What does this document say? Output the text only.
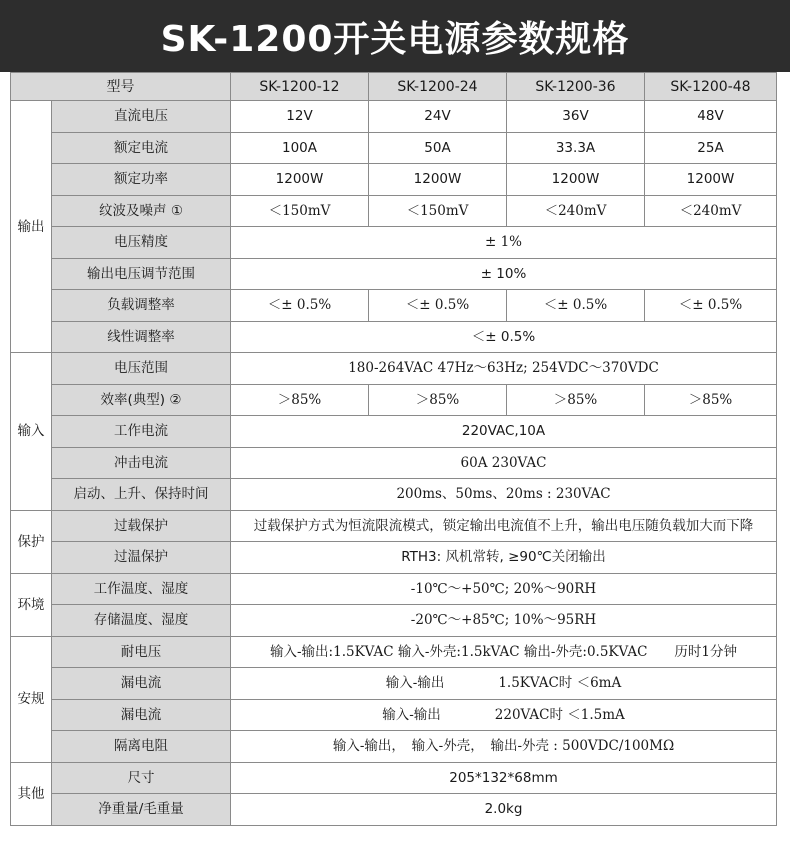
SK-1200开关电源参数规格
型号		SK-1200-12	SK-1200-24	SK-1200-36	SK-1200-48
输出	直流电压	12V	24V	36V	48V
	额定电流	100A	50A	33.3A	25A
	额定功率	1200W	1200W	1200W	1200W
	纹波及噪声 ①	＜150mV	＜150mV	＜240mV	＜240mV
	电压精度	± 1%			
	输出电压调节范围	± 10%			
	负载调整率	＜± 0.5%	＜± 0.5%	＜± 0.5%	＜± 0.5%
	线性调整率	＜± 0.5%			
输入	电压范围	180-264VAC 47Hz～63Hz; 254VDC～370VDC			
	效率(典型) ②	＞85%	＞85%	＞85%	＞85%
	工作电流	220VAC,10A			
	冲击电流	60A 230VAC			
	启动、上升、保持时间	200ms、50ms、20ms : 230VAC			
保护	过载保护	过载保护方式为恒流限流模式，锁定输出电流值不上升，输出电压随负载加大而下降			
	过温保护	RTH3: 风机常转, ≥90℃关闭输出			
环境	工作温度、湿度	-10℃～+50℃; 20%～90RH			
	存储温度、湿度	-20℃～+85℃; 10%～95RH			
安规	耐电压	输入-输出:1.5KVAC 输入-外壳:1.5kVAC 输出-外壳:0.5KVAC　　历时1分钟			
	漏电流	输入-输出　　　　1.5KVAC时 ＜6mA			
	漏电流	输入-输出　　　　220VAC时 ＜1.5mA			
	隔离电阻	输入-输出，　输入-外壳，　输出-外壳 : 500VDC/100MΩ			
其他	尺寸	205*132*68mm			
	净重量/毛重量	2.0kg			
